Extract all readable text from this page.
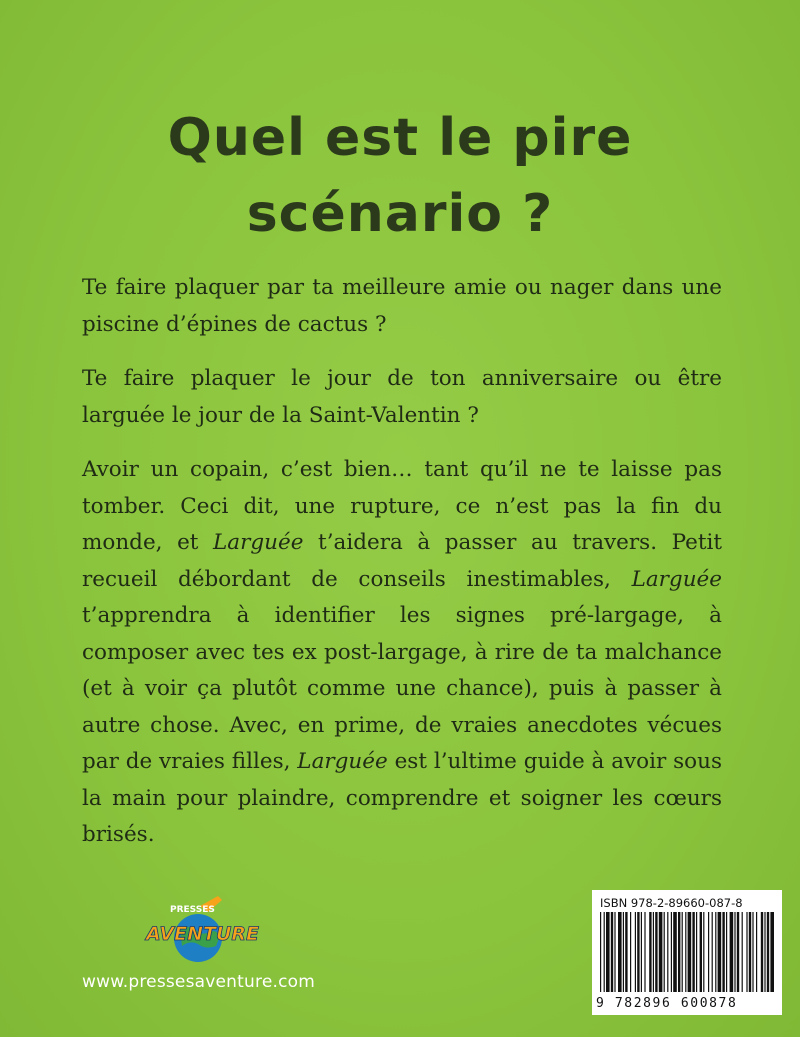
Quel est le pire
scénario ?

Te faire plaquer par ta meilleure amie ou nager dans une piscine d’épines de cactus ?

Te faire plaquer le jour de ton anniversaire ou être larguée le jour de la Saint-Valentin ?

Avoir un copain, c’est bien… tant qu’il ne te laisse pas tomber. Ceci dit, une rupture, ce n’est pas la fin du monde, et Larguée t’aidera à passer au travers. Petit recueil débordant de conseils inestimables, Larguée t’apprendra à identifier les signes pré-largage, à composer avec tes ex post-largage, à rire de ta malchance (et à voir ça plutôt comme une chance), puis à passer à autre chose. Avec, en prime, de vraies anecdotes vécues par de vraies filles, Larguée est l’ultime guide à avoir sous la main pour plaindre, comprendre et soigner les cœurs brisés.

PRESSES
AVENTURE
www.pressesaventure.com
ISBN 978-2-89660-087-8
9 782896 600878
